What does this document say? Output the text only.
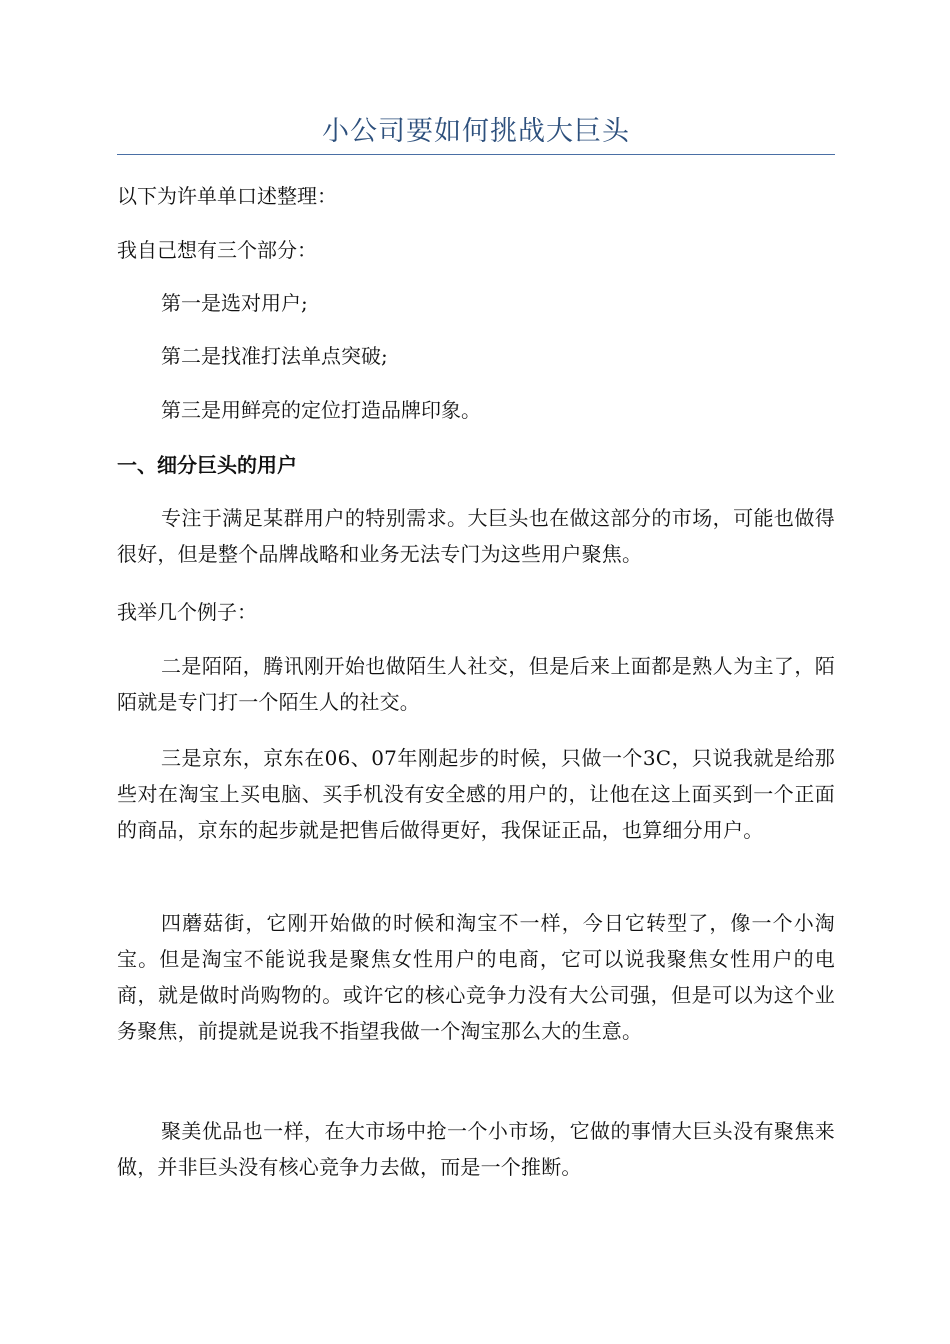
小公司要如何挑战大巨头
以下为许单单口述整理：
我自己想有三个部分：
第一是选对用户;
第二是找准打法单点突破;
第三是用鲜亮的定位打造品牌印象。
一、细分巨头的用户
专注于满足某群用户的特别需求。大巨头也在做这部分的市场，可能也做得很好，但是整个品牌战略和业务无法专门为这些用户聚焦。
我举几个例子：
二是陌陌，腾讯刚开始也做陌生人社交，但是后来上面都是熟人为主了，陌陌就是专门打一个陌生人的社交。
三是京东，京东在06、07年刚起步的时候，只做一个3C，只说我就是给那些对在淘宝上买电脑、买手机没有安全感的用户的，让他在这上面买到一个正面的商品，京东的起步就是把售后做得更好，我保证正品，也算细分用户。
四蘑菇街，它刚开始做的时候和淘宝不一样，今日它转型了，像一个小淘宝。但是淘宝不能说我是聚焦女性用户的电商，它可以说我聚焦女性用户的电商，就是做时尚购物的。或许它的核心竞争力没有大公司强，但是可以为这个业务聚焦，前提就是说我不指望我做一个淘宝那么大的生意。
聚美优品也一样，在大市场中抢一个小市场，它做的事情大巨头没有聚焦来做，并非巨头没有核心竞争力去做，而是一个推断。
